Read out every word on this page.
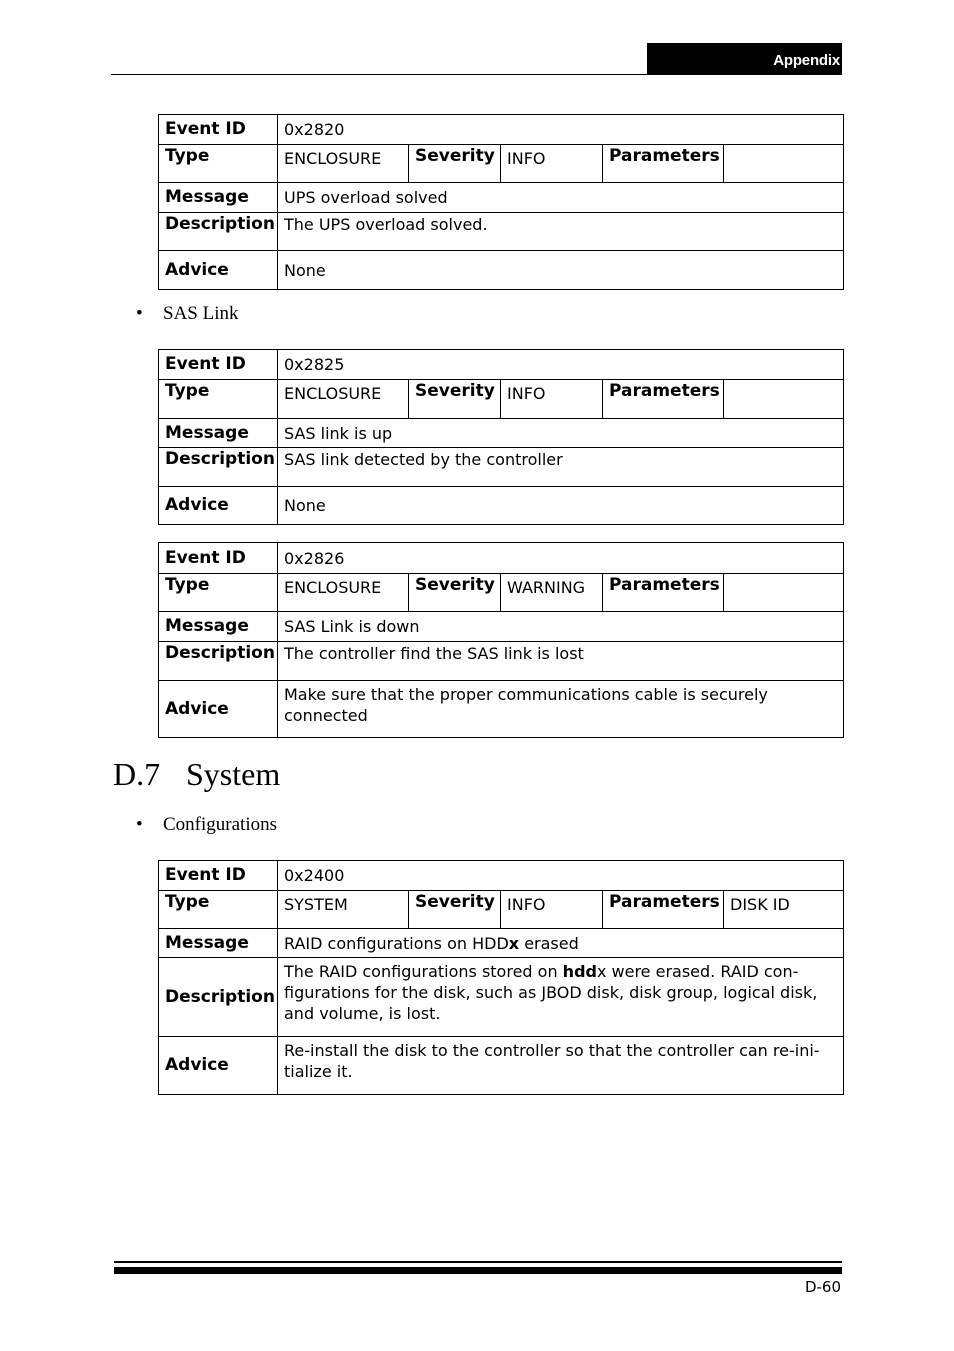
Appendix
Event ID	0x2820				
Type	ENCLOSURE	Severity	INFO	Parameters	
Message	UPS overload solved				
Description	The UPS overload solved.				
Advice	None				
• SAS Link
Event ID	0x2825				
Type	ENCLOSURE	Severity	INFO	Parameters	
Message	SAS link is up				
Description	SAS link detected by the controller				
Advice	None				
Event ID	0x2826				
Type	ENCLOSURE	Severity	WARNING	Parameters	
Message	SAS Link is down				
Description	The controller find the SAS link is lost				
Advice	Make sure that the proper communications cable is securely connected				
D.7 System
• Configurations
Event ID	0x2400				
Type	SYSTEM	Severity	INFO	Parameters	DISK ID
Message	RAID configurations on HDDx erased				
Description	The RAID configurations stored on hddx were erased. RAID con- figurations for the disk, such as JBOD disk, disk group, logical disk, and volume, is lost.				
Advice	Re-install the disk to the controller so that the controller can re-ini- tialize it.				
D-60
